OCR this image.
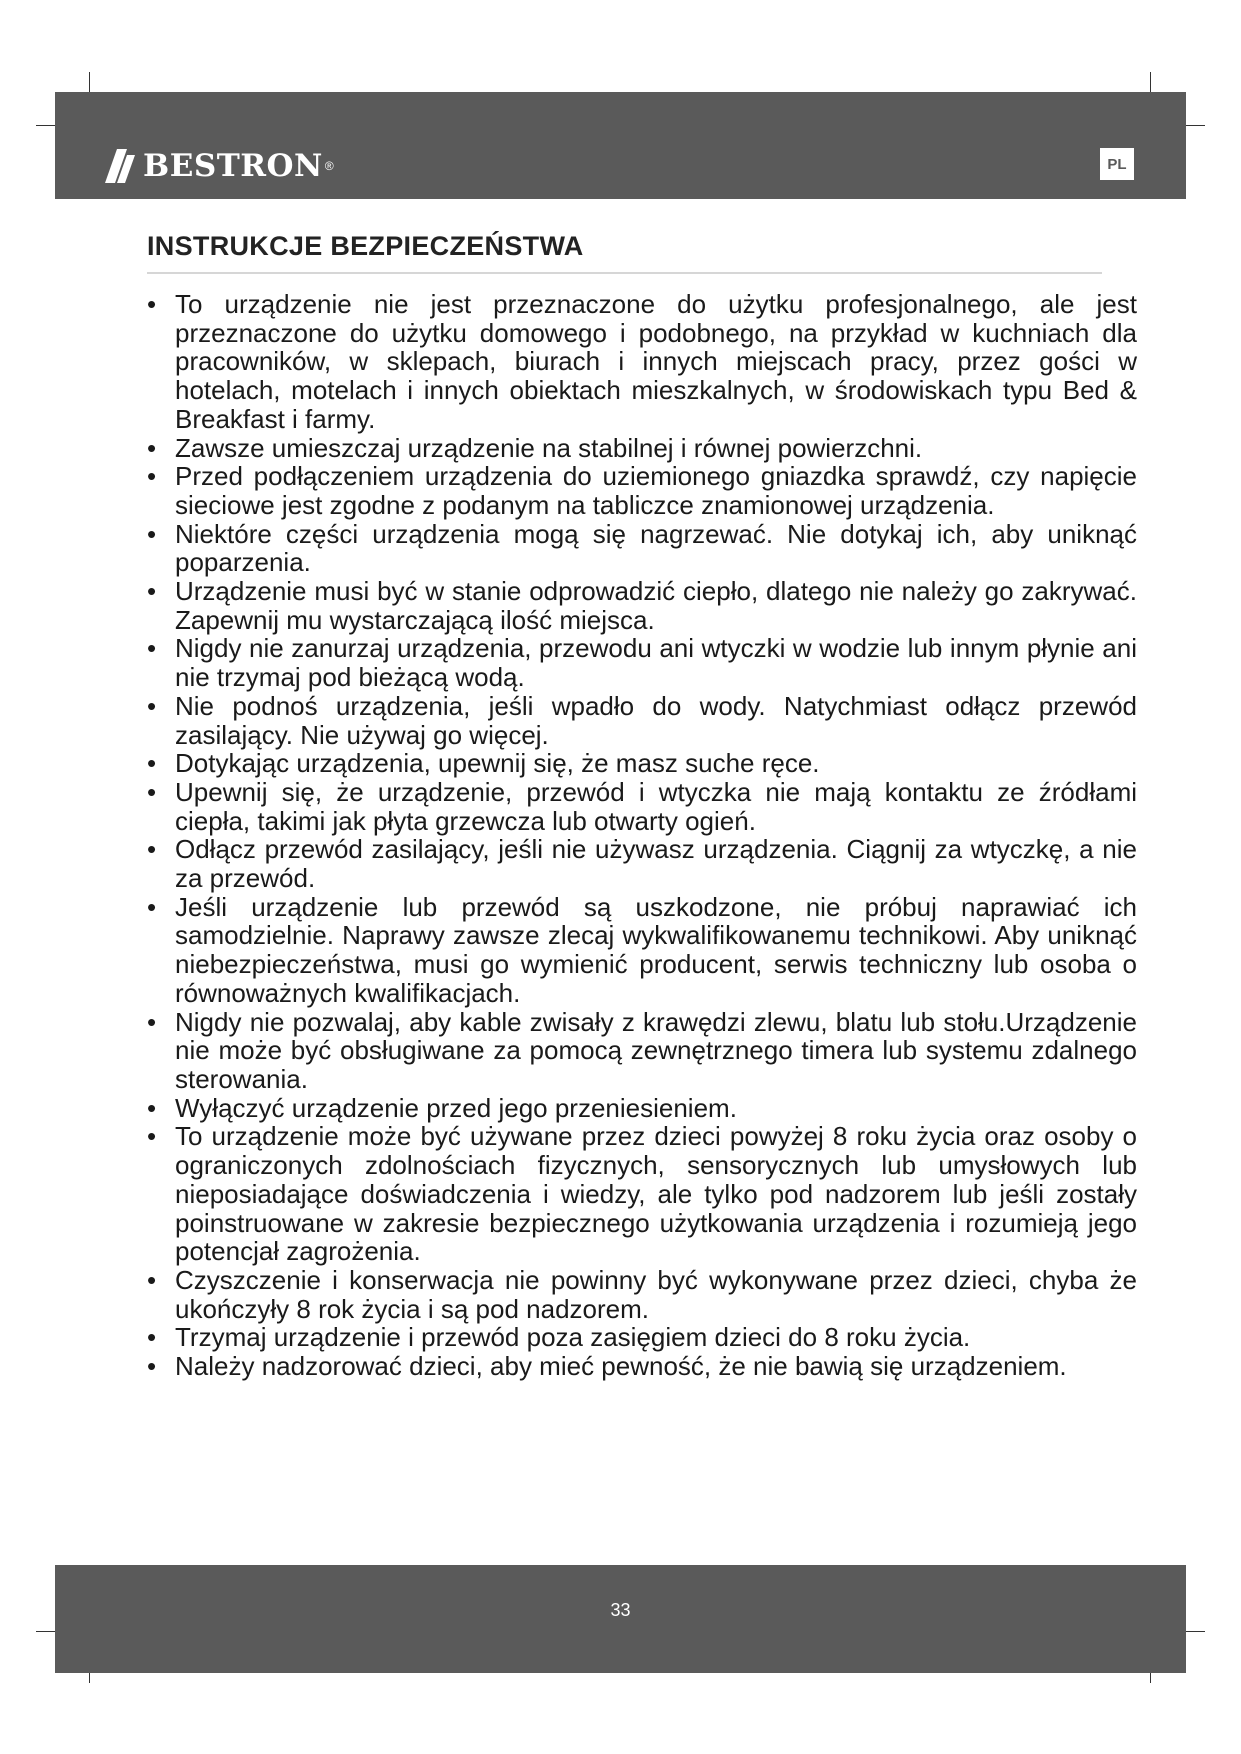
BESTRON ®	PL
INSTRUKCJE BEZPIECZEŃSTWA
• To urządzenie nie jest przeznaczone do użytku profesjonalnego, ale jest przeznaczone do użytku domowego i podobnego, na przykład w kuchniach dla pracowników, w sklepach, biurach i innych miejscach pracy, przez gości w hotelach, motelach i innych obiektach mieszkalnych, w środowiskach typu Bed & Breakfast i farmy.
• Zawsze umieszczaj urządzenie na stabilnej i równej powierzchni.
• Przed podłączeniem urządzenia do uziemionego gniazdka sprawdź, czy napięcie sieciowe jest zgodne z podanym na tabliczce znamionowej urządzenia.
• Niektóre części urządzenia mogą się nagrzewać. Nie dotykaj ich, aby uniknąć poparzenia.
• Urządzenie musi być w stanie odprowadzić ciepło, dlatego nie należy go zakrywać. Zapewnij mu wystarczającą ilość miejsca.
• Nigdy nie zanurzaj urządzenia, przewodu ani wtyczki w wodzie lub innym płynie ani nie trzymaj pod bieżącą wodą.
• Nie podnoś urządzenia, jeśli wpadło do wody. Natychmiast odłącz przewód zasilający. Nie używaj go więcej.
• Dotykając urządzenia, upewnij się, że masz suche ręce.
• Upewnij się, że urządzenie, przewód i wtyczka nie mają kontaktu ze źródłami ciepła, takimi jak płyta grzewcza lub otwarty ogień.
• Odłącz przewód zasilający, jeśli nie używasz urządzenia. Ciągnij za wtyczkę, a nie za przewód.
• Jeśli urządzenie lub przewód są uszkodzone, nie próbuj naprawiać ich samodzielnie. Naprawy zawsze zlecaj wykwalifikowanemu technikowi. Aby uniknąć niebezpieczeństwa, musi go wymienić producent, serwis techniczny lub osoba o równoważnych kwalifikacjach.
• Nigdy nie pozwalaj, aby kable zwisały z krawędzi zlewu, blatu lub stołu.Urządzenie nie może być obsługiwane za pomocą zewnętrznego timera lub systemu zdalnego sterowania.
• Wyłączyć urządzenie przed jego przeniesieniem.
• To urządzenie może być używane przez dzieci powyżej 8 roku życia oraz osoby o ograniczonych zdolnościach fizycznych, sensorycznych lub umysłowych lub nieposiadające doświadczenia i wiedzy, ale tylko pod nadzorem lub jeśli zostały poinstruowane w zakresie bezpiecznego użytkowania urządzenia i rozumieją jego potencjał zagrożenia.
• Czyszczenie i konserwacja nie powinny być wykonywane przez dzieci, chyba że ukończyły 8 rok życia i są pod nadzorem.
• Trzymaj urządzenie i przewód poza zasięgiem dzieci do 8 roku życia.
• Należy nadzorować dzieci, aby mieć pewność, że nie bawią się urządzeniem.
33
